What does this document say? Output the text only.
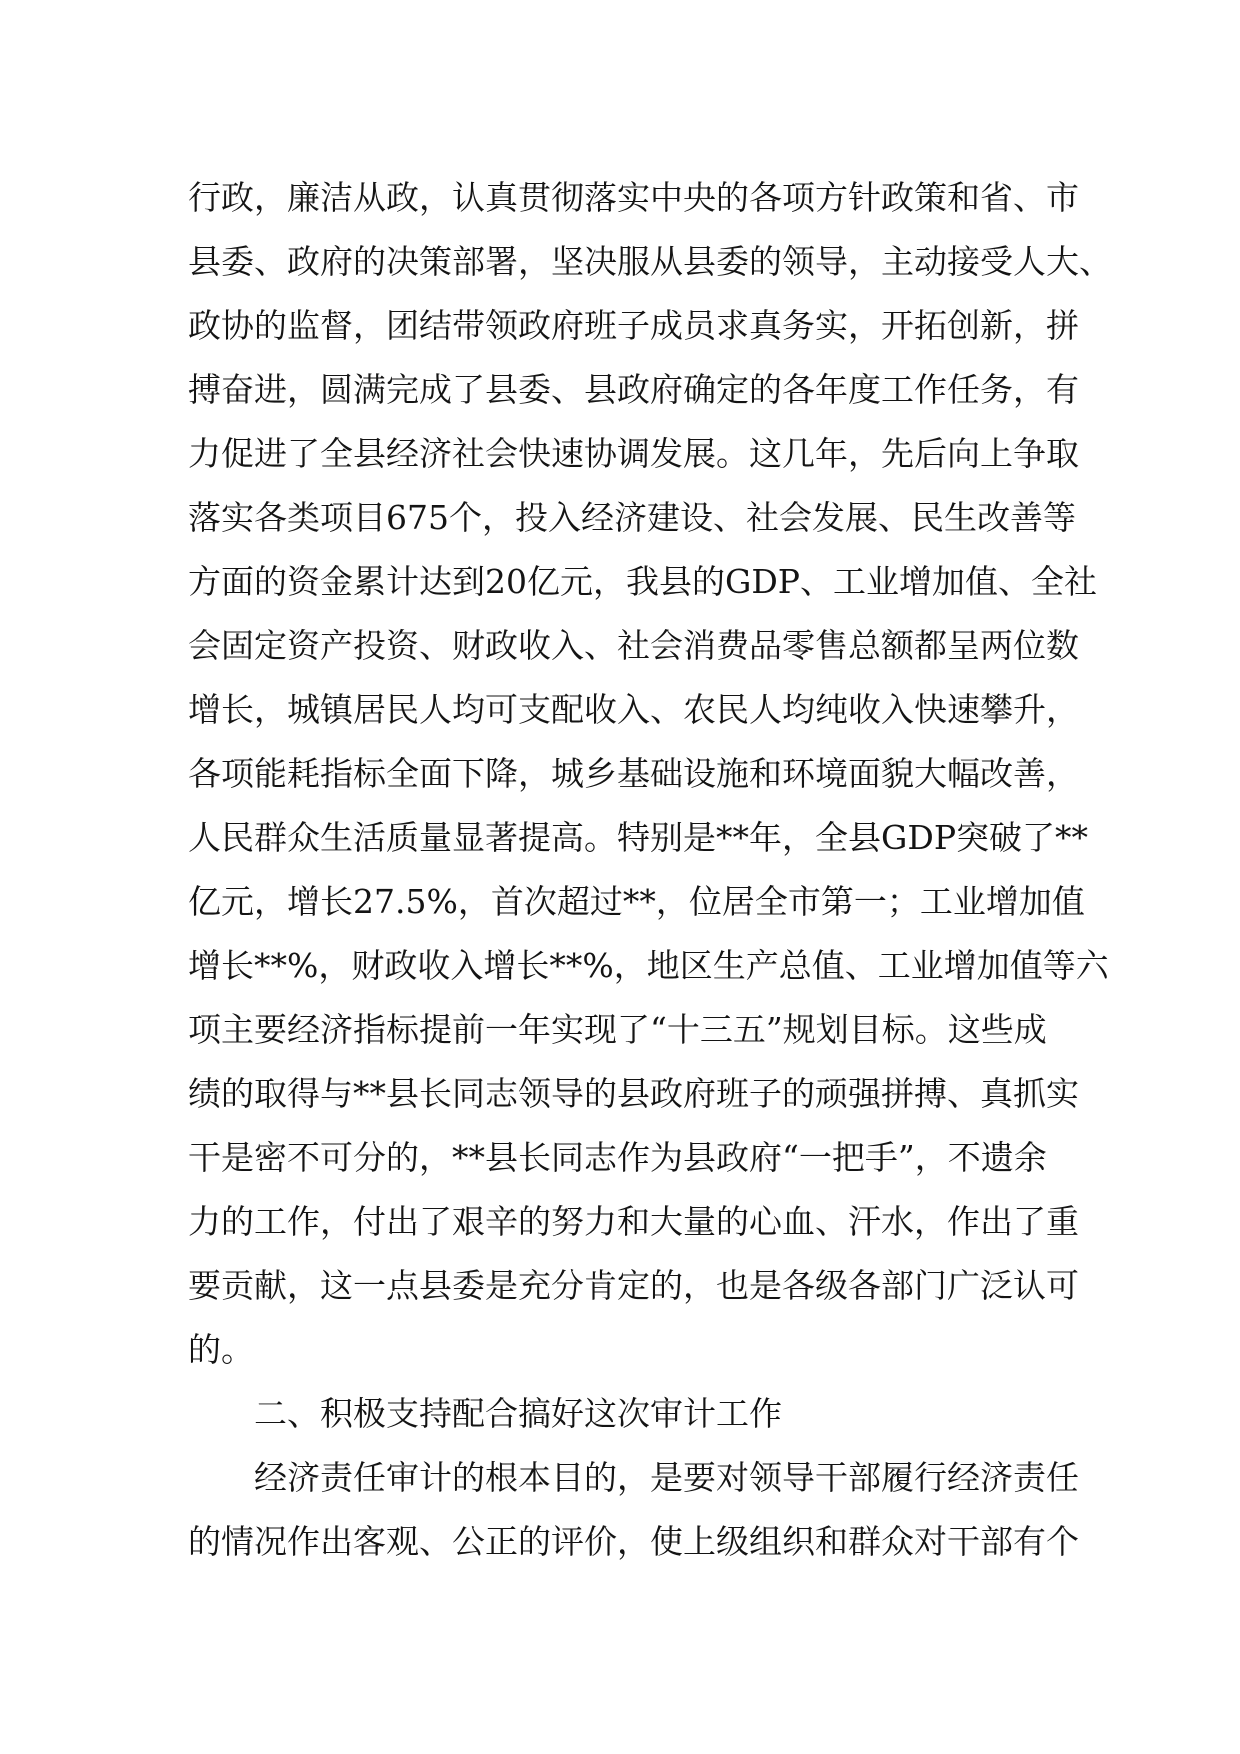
行政，廉洁从政，认真贯彻落实中央的各项方针政策和省、市
县委、政府的决策部署，坚决服从县委的领导，主动接受人大、
政协的监督，团结带领政府班子成员求真务实，开拓创新，拼
搏奋进，圆满完成了县委、县政府确定的各年度工作任务，有
力促进了全县经济社会快速协调发展。这几年，先后向上争取
落实各类项目675个，投入经济建设、社会发展、民生改善等
方面的资金累计达到20亿元，我县的GDP、工业增加值、全社
会固定资产投资、财政收入、社会消费品零售总额都呈两位数
增长，城镇居民人均可支配收入、农民人均纯收入快速攀升，
各项能耗指标全面下降，城乡基础设施和环境面貌大幅改善，
人民群众生活质量显著提高。特别是**年，全县GDP突破了**
亿元，增长27.5%，首次超过**，位居全市第一；工业增加值
增长**%，财政收入增长**%，地区生产总值、工业增加值等六
项主要经济指标提前一年实现了“十三五”规划目标。这些成
绩的取得与**县长同志领导的县政府班子的顽强拼搏、真抓实
干是密不可分的，**县长同志作为县政府“一把手”，不遗余
力的工作，付出了艰辛的努力和大量的心血、汗水，作出了重
要贡献，这一点县委是充分肯定的，也是各级各部门广泛认可
的。
二、积极支持配合搞好这次审计工作
经济责任审计的根本目的，是要对领导干部履行经济责任
的情况作出客观、公正的评价，使上级组织和群众对干部有个
